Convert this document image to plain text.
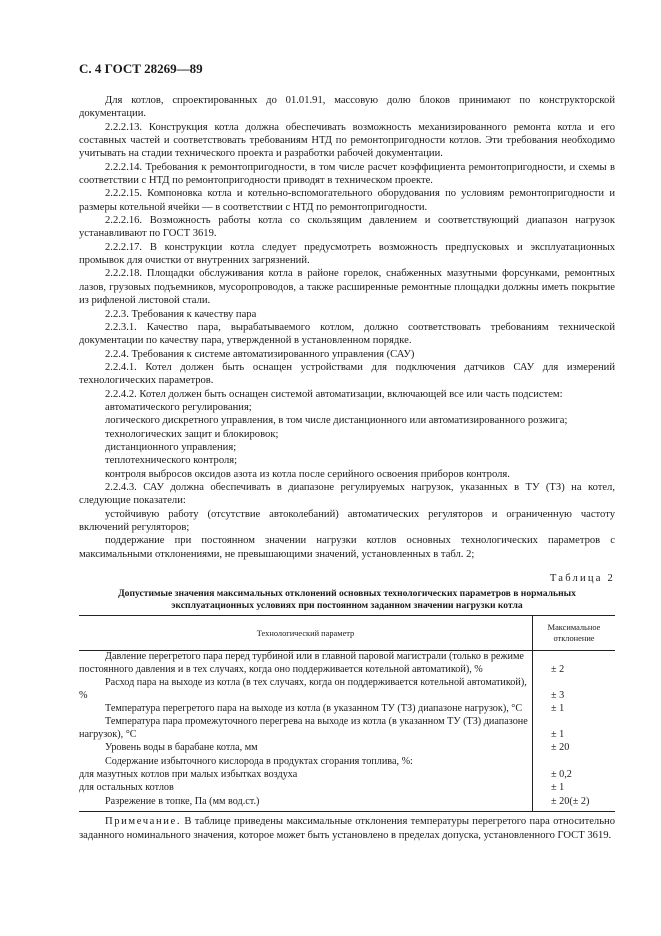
С. 4 ГОСТ 28269—89

Для котлов, спроектированных до 01.01.91, массовую долю блоков принимают по конструкторской документации.

2.2.2.13. Конструкция котла должна обеспечивать возможность механизированного ремонта котла и его составных частей и соответствовать требованиям НТД по ремонтопригодности котлов. Эти требования необходимо учитывать на стадии технического проекта и разработки рабочей документации.

2.2.2.14. Требования к ремонтопригодности, в том числе расчет коэффициента ремонтопригодности, и схемы в соответствии с НТД по ремонтопригодности приводят в техническом проекте.

2.2.2.15. Компоновка котла и котельно-вспомогательного оборудования по условиям ремонтопригодности и размеры котельной ячейки — в соответствии с НТД по ремонтопригодности.

2.2.2.16. Возможность работы котла со скользящим давлением и соответствующий диапазон нагрузок устанавливают по ГОСТ 3619.

2.2.2.17. В конструкции котла следует предусмотреть возможность предпусковых и эксплуатационных промывок для очистки от внутренних загрязнений.

2.2.2.18. Площадки обслуживания котла в районе горелок, снабженных мазутными форсунками, ремонтных лазов, грузовых подъемников, мусоропроводов, а также расширенные ремонтные площадки должны иметь покрытие из рифленой листовой стали.

2.2.3. Требования к качеству пара

2.2.3.1. Качество пара, вырабатываемого котлом, должно соответствовать требованиям технической документации по качеству пара, утвержденной в установленном порядке.

2.2.4. Требования к системе автоматизированного управления (САУ)

2.2.4.1. Котел должен быть оснащен устройствами для подключения датчиков САУ для измерений технологических параметров.

2.2.4.2. Котел должен быть оснащен системой автоматизации, включающей все или часть подсистем:

автоматического регулирования;

логического дискретного управления, в том числе дистанционного или автоматизированного розжига;

технологических защит и блокировок;

дистанционного управления;

теплотехнического контроля;

контроля выбросов оксидов азота из котла после серийного освоения приборов контроля.

2.2.4.3. САУ должна обеспечивать в диапазоне регулируемых нагрузок, указанных в ТУ (ТЗ) на котел, следующие показатели:

устойчивую работу (отсутствие автоколебаний) автоматических регуляторов и ограниченную частоту включений регуляторов;

поддержание при постоянном значении нагрузки котлов основных технологических параметров с максимальными отклонениями, не превышающими значений, установленных в табл. 2;

Таблица 2
Допустимые значения максимальных отклонений основных технологических параметров в нормальных
эксплуатационных условиях при постоянном заданном значении нагрузки котла
Технологический параметр	Максимальное
отклонение

Давление перегретого пара перед турбиной или в главной паровой магистрали (только в режиме постоянного давления и в тех случаях, когда оно поддерживается котельной автоматикой), %	± 2

Расход пара на выходе из котла (в тех случаях, когда он поддерживается котельной автоматикой), %	± 3

Температура перегретого пара на выходе из котла (в указанном ТУ (ТЗ) диапазоне нагрузок), °С	± 1

Температура пара промежуточного перегрева на выходе из котла (в указанном ТУ (ТЗ) диапазоне нагрузок), °С	± 1

Уровень воды в барабане котла, мм	± 20

Содержание избыточного кислорода в продуктах сгорания топлива, %:	

для мазутных котлов при малых избытках воздуха	± 0,2

для остальных котлов	± 1

Разрежение в топке, Па (мм вод.ст.)	± 20(± 2)

Примечание. В таблице приведены максимальные отклонения температуры перегретого пара относительно заданного номинального значения, которое может быть установлено в пределах допуска, установленного ГОСТ 3619.
